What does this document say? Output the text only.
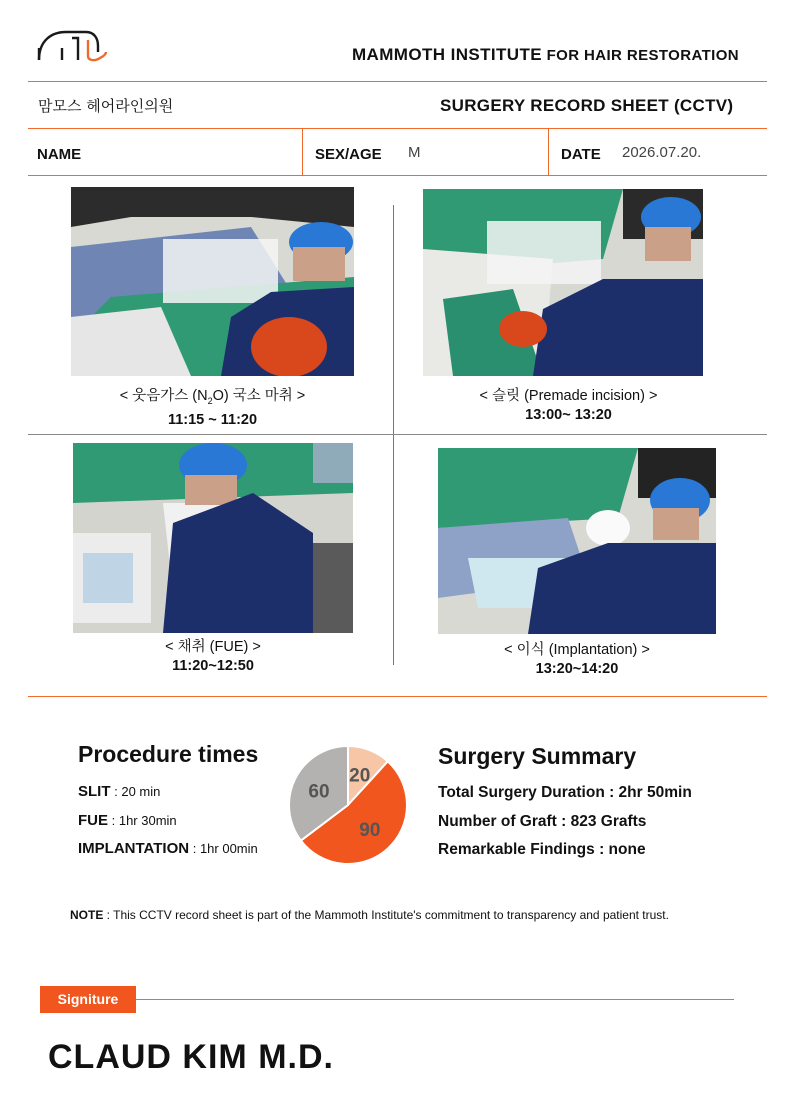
MAMMOTH INSTITUTE FOR HAIR RESTORATION
맘모스 헤어라인의원	SURGERY RECORD SHEET (CCTV)
NAME	SEX/AGE M	DATE 2026.07.20.
< 웃음가스 $(N_2O)$ 국소 마취 >
11:15 ~ 11:20
< 슬릿 (Premade incision) >
13:00~ 13:20
< 채취 (FUE) >
11:20~12:50
< 이식 (Implantation) >
13:20~14:20
Procedure times
SLIT : 20 min
FUE : 1hr 30min
IMPLANTATION : 1hr 00min
20
90
60
Surgery Summary
Total Surgery Duration : 2hr 50min
Number of Graft : 823 Grafts
Remarkable Findings : none
NOTE : This CCTV record sheet is part of the Mammoth Institute's commitment to transparency and patient trust.
Signiture
CLAUD KIM M.D.
